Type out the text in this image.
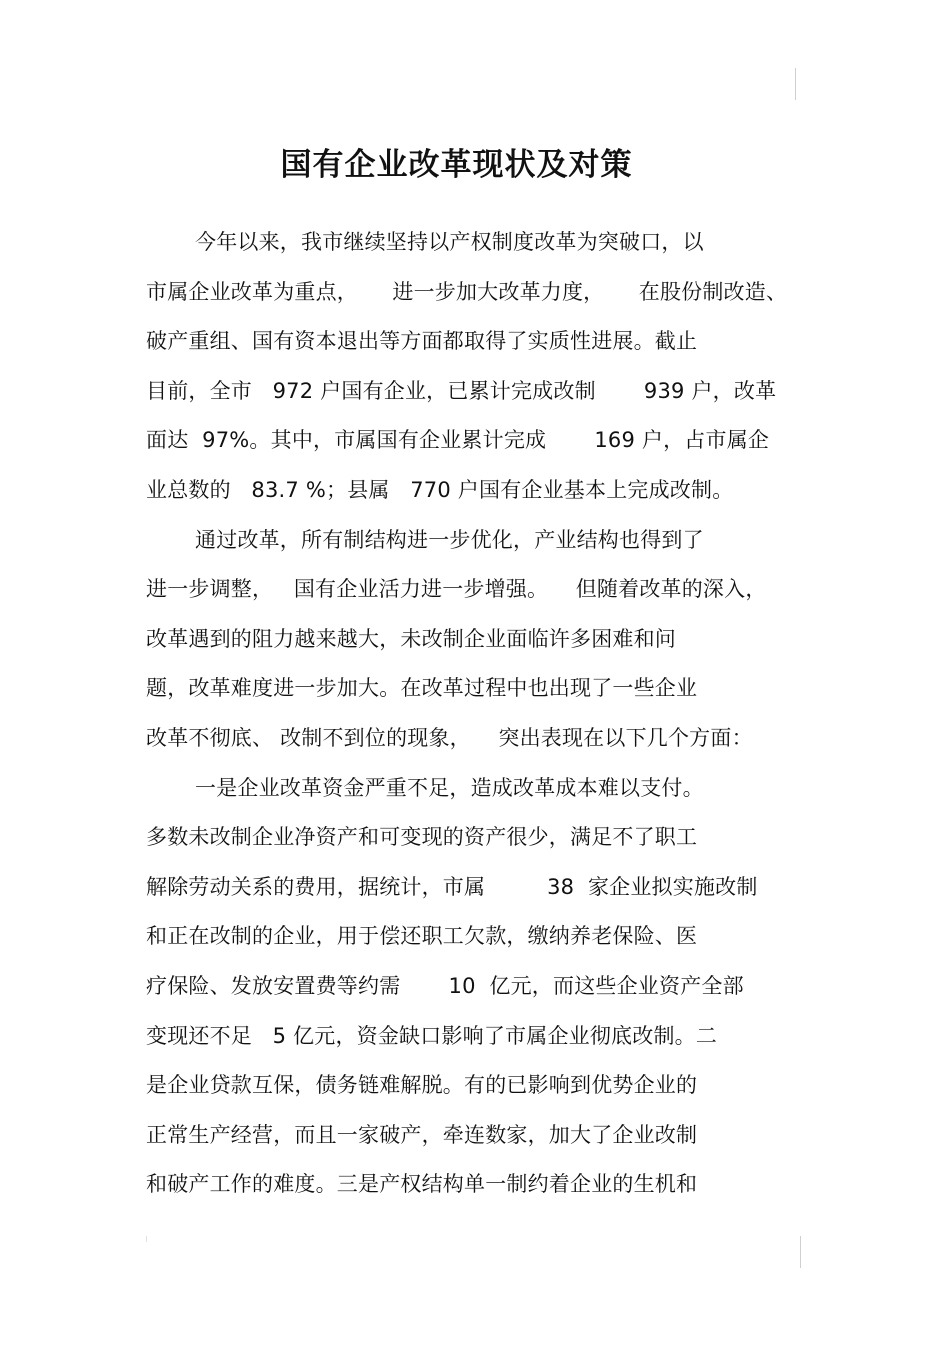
国有企业改革现状及对策
今年以来，我市继续坚持以产权制度改革为突破口，以
市属企业改革为重点，     进一步加大改革力度，     在股份制改造、
破产重组、国有资本退出等方面都取得了实质性进展。截止
目前，全市   972 户国有企业，已累计完成改制       939 户，改革
面达  97%。其中，市属国有企业累计完成       169 户，占市属企
业总数的   83.7 %；县属   770 户国有企业基本上完成改制。
通过改革，所有制结构进一步优化，产业结构也得到了
进一步调整，   国有企业活力进一步增强。    但随着改革的深入，
改革遇到的阻力越来越大，未改制企业面临许多困难和问
题，改革难度进一步加大。在改革过程中也出现了一些企业
改革不彻底、 改制不到位的现象，    突出表现在以下几个方面：
一是企业改革资金严重不足，造成改革成本难以支付。
多数未改制企业净资产和可变现的资产很少，满足不了职工
解除劳动关系的费用，据统计，市属         38  家企业拟实施改制
和正在改制的企业，用于偿还职工欠款，缴纳养老保险、医
疗保险、发放安置费等约需       10  亿元，而这些企业资产全部
变现还不足   5 亿元，资金缺口影响了市属企业彻底改制。二
是企业贷款互保，债务链难解脱。有的已影响到优势企业的
正常生产经营，而且一家破产，牵连数家，加大了企业改制
和破产工作的难度。三是产权结构单一制约着企业的生机和
